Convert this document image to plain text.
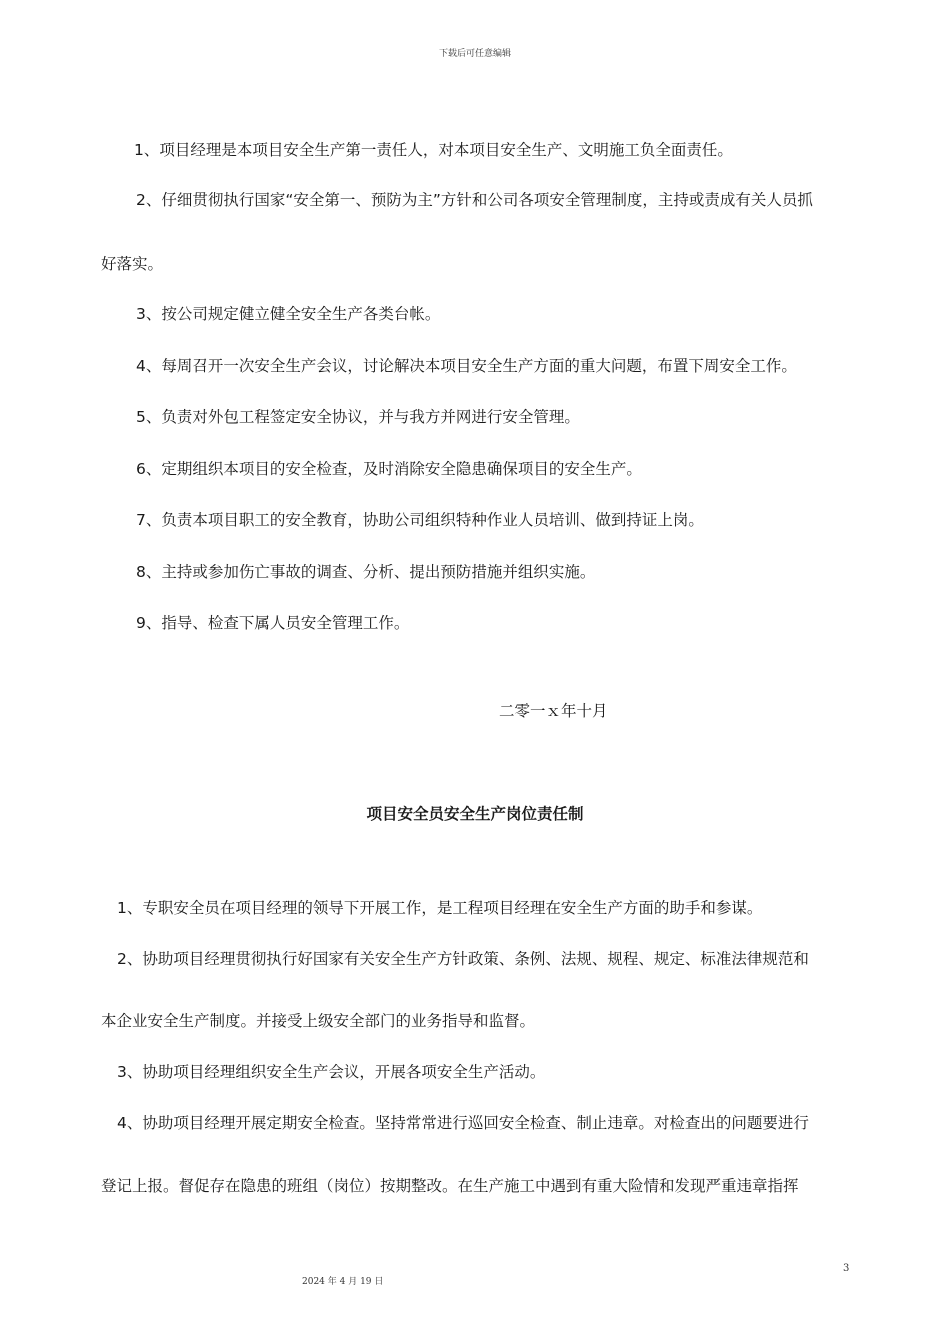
下载后可任意编辑
1、项目经理是本项目安全生产第一责任人，对本项目安全生产、文明施工负全面责任。
2、仔细贯彻执行国家“安全第一、预防为主”方针和公司各项安全管理制度，主持或责成有关人员抓
好落实。
3、按公司规定健立健全安全生产各类台帐。
4、每周召开一次安全生产会议，讨论解决本项目安全生产方面的重大问题，布置下周安全工作。
5、负责对外包工程签定安全协议，并与我方并网进行安全管理。
6、定期组织本项目的安全检查，及时消除安全隐患确保项目的安全生产。
7、负责本项目职工的安全教育，协助公司组织特种作业人员培训、做到持证上岗。
8、主持或参加伤亡事故的调查、分析、提出预防措施并组织实施。
9、指导、检查下属人员安全管理工作。
二零一ｘ年十月
项目安全员安全生产岗位责任制
1、专职安全员在项目经理的领导下开展工作，是工程项目经理在安全生产方面的助手和参谋。
2、协助项目经理贯彻执行好国家有关安全生产方针政策、条例、法规、规程、规定、标准法律规范和
本企业安全生产制度。并接受上级安全部门的业务指导和监督。
3、协助项目经理组织安全生产会议，开展各项安全生产活动。
4、协助项目经理开展定期安全检查。坚持常常进行巡回安全检查、制止违章。对检查出的问题要进行
登记上报。督促存在隐患的班组（岗位）按期整改。在生产施工中遇到有重大险情和发现严重违章指挥
3
2024 年 4 月 19 日
